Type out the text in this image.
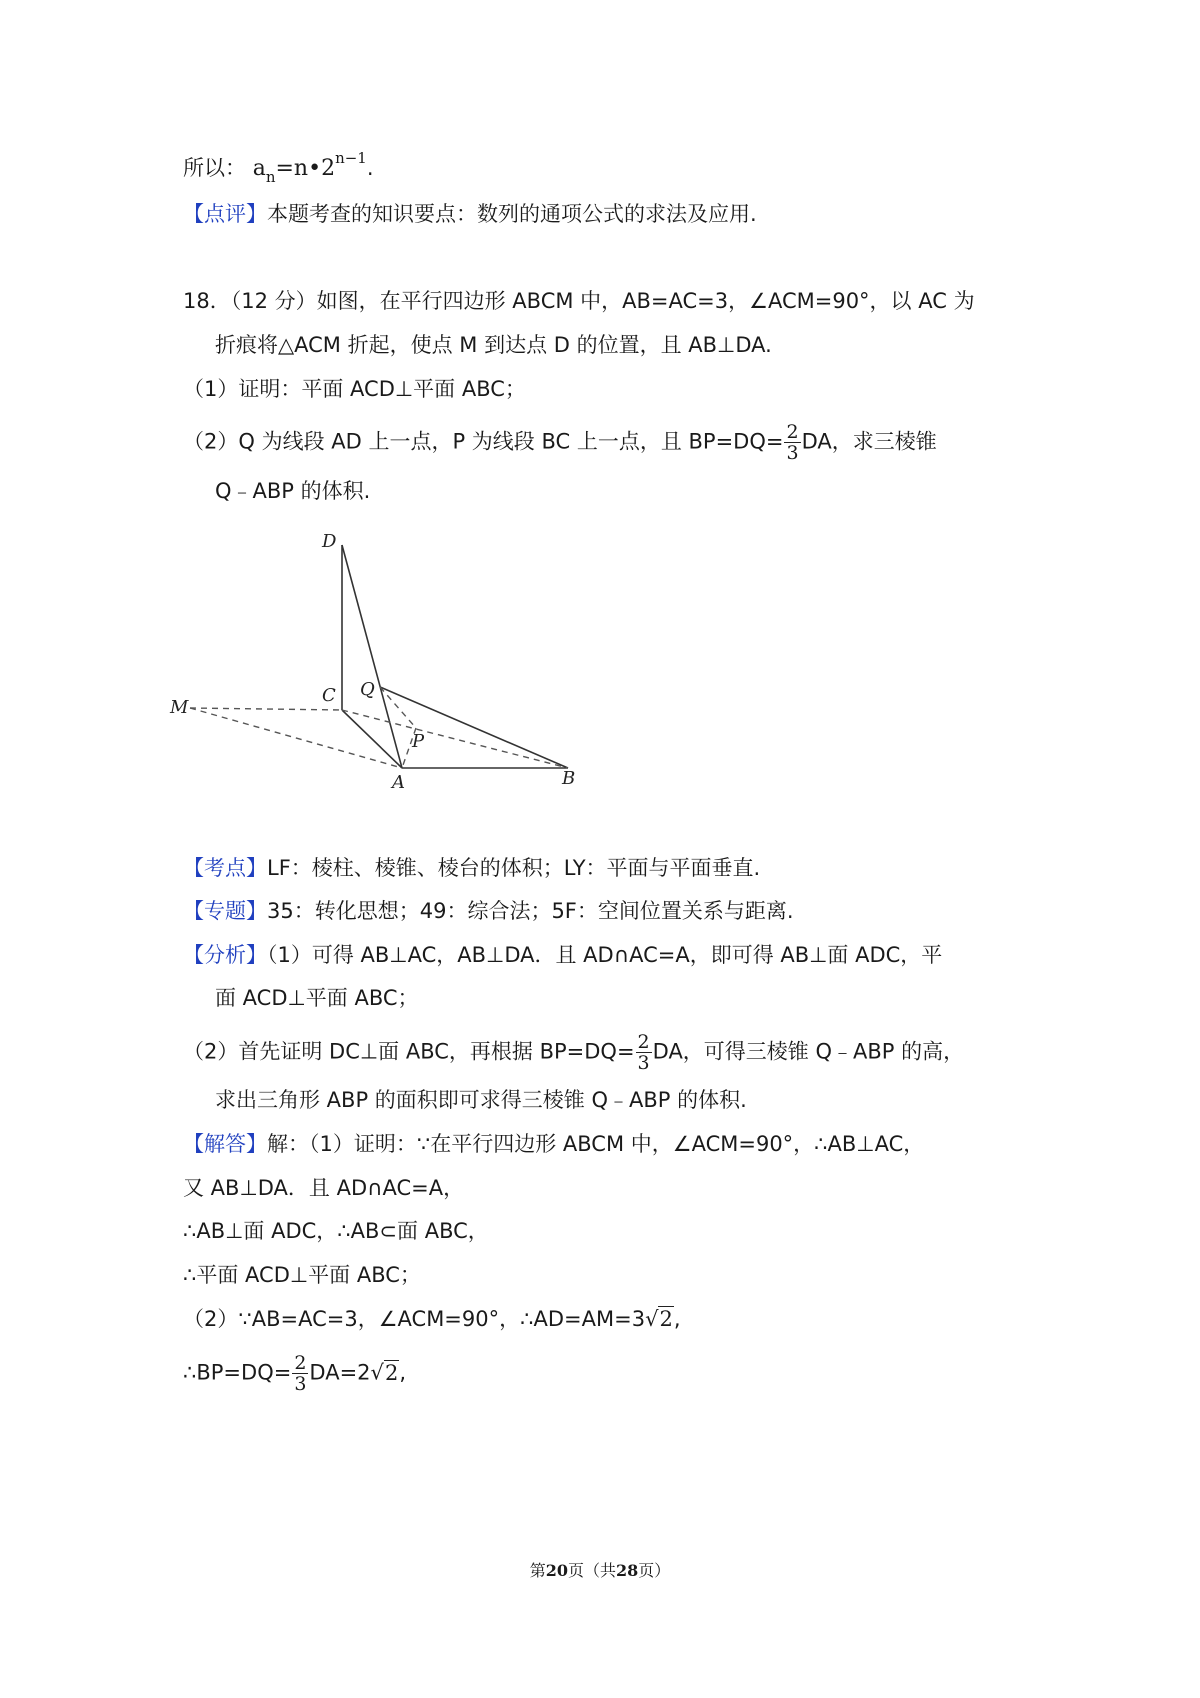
所以： $a_n=n•2^{n-1}$.
【点评】本题考查的知识要点：数列的通项公式的求法及应用.
18．（12 分）如图，在平行四边形 ABCM 中，AB=AC=3，∠ACM=90°，以 AC 为
折痕将△ACM 折起，使点 M 到达点 D 的位置，且 AB⊥DA.
（1）证明：平面 ACD⊥平面 ABC；
（2）Q 为线段 AD 上一点，P 为线段 BC 上一点，且 $BP=DQ= \frac{2}{3}$ DA，求三棱锥
Q﹣ABP 的体积.
D
M
C Q
P
A	B
【考点】LF：棱柱、棱锥、棱台的体积；LY：平面与平面垂直.
【专题】35：转化思想；49：综合法；5F：空间位置关系与距离.
【分析】（1）可得 AB⊥AC，AB⊥DA．且 AD∩AC=A，即可得 AB⊥面 ADC，平
面 ACD⊥平面 ABC；
（2）首先证明 DC⊥面 ABC，再根据 $BP=DQ= \frac{2}{3}$ DA，可得三棱锥 Q﹣ABP 的高，
求出三角形 ABP 的面积即可求得三棱锥 Q﹣ABP 的体积.
【解答】解：（1）证明：∵在平行四边形 ABCM 中，∠ACM=90°，∴AB⊥AC，
又 AB⊥DA．且 AD∩AC=A，
∴AB⊥面 ADC，∴AB⊂面 ABC，
∴平面 ACD⊥平面 ABC；
（2）∵AB=AC=3，∠ACM=90°，∴AD=AM=3√2,
∴BP=DQ= $\frac{2}{3} DA=2√2$,
第20页（共28页）
